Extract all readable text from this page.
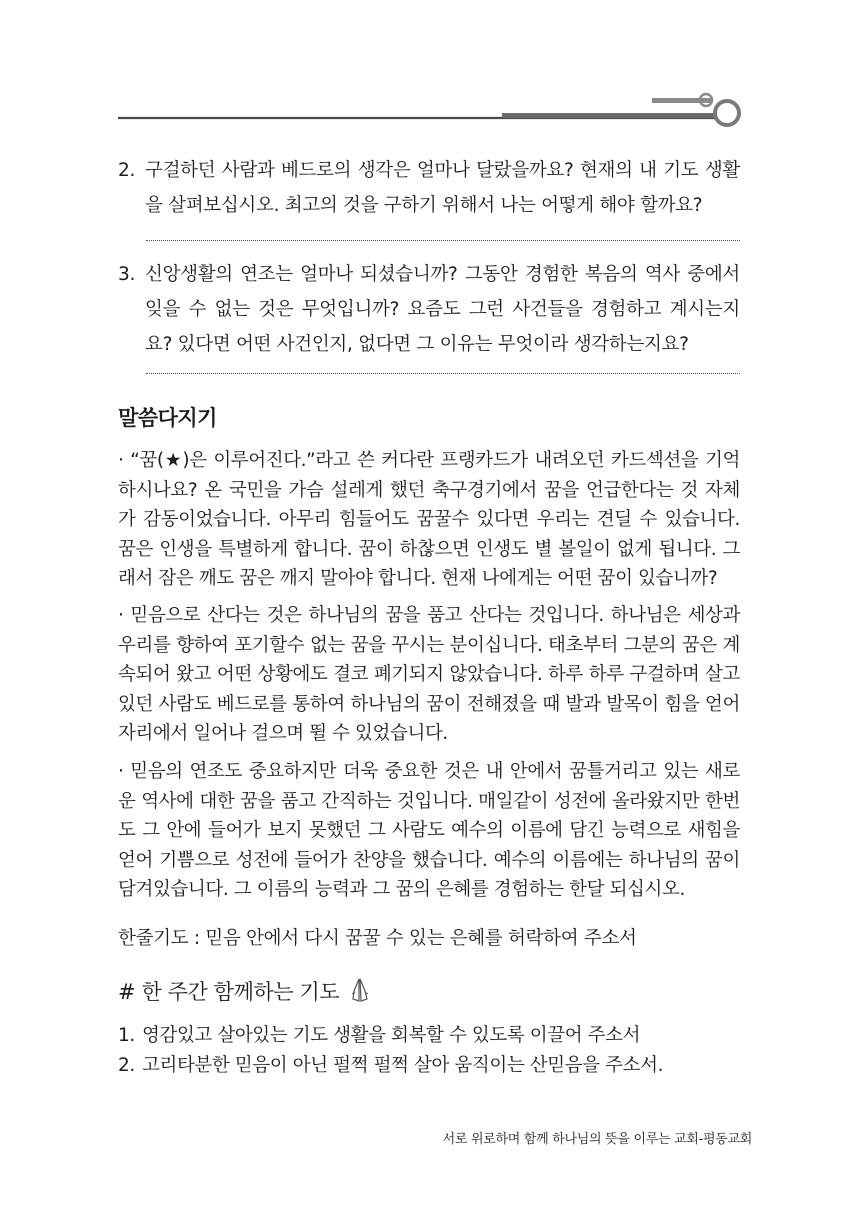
2. 구걸하던 사람과 베드로의 생각은 얼마나 달랐을까요? 현재의 내 기도 생활을 살펴보십시오. 최고의 것을 구하기 위해서 나는 어떻게 해야 할까요?
3. 신앙생활의 연조는 얼마나 되셨습니까? 그동안 경험한 복음의 역사 중에서 잊을 수 없는 것은 무엇입니까? 요즘도 그런 사건들을 경험하고 계시는지요? 있다면 어떤 사건인지, 없다면 그 이유는 무엇이라 생각하는지요?
말씀다지기
· “꿈(★)은 이루어진다.”라고 쓴 커다란 프랭카드가 내려오던 카드섹션을 기억하시나요? 온 국민을 가슴 설레게 했던 축구경기에서 꿈을 언급한다는 것 자체가 감동이었습니다. 아무리 힘들어도 꿈꿀수 있다면 우리는 견딜 수 있습니다. 꿈은 인생을 특별하게 합니다. 꿈이 하찮으면 인생도 별 볼일이 없게 됩니다. 그래서 잠은 깨도 꿈은 깨지 말아야 합니다. 현재 나에게는 어떤 꿈이 있습니까?
· 믿음으로 산다는 것은 하나님의 꿈을 품고 산다는 것입니다. 하나님은 세상과 우리를 향하여 포기할수 없는 꿈을 꾸시는 분이십니다. 태초부터 그분의 꿈은 계속되어 왔고 어떤 상황에도 결코 폐기되지 않았습니다. 하루 하루 구걸하며 살고 있던 사람도 베드로를 통하여 하나님의 꿈이 전해졌을 때 발과 발목이 힘을 얻어 자리에서 일어나 걸으며 뛸 수 있었습니다.
· 믿음의 연조도 중요하지만 더욱 중요한 것은 내 안에서 꿈틀거리고 있는 새로운 역사에 대한 꿈을 품고 간직하는 것입니다. 매일같이 성전에 올라왔지만 한번도 그 안에 들어가 보지 못했던 그 사람도 예수의 이름에 담긴 능력으로 새힘을 얻어 기쁨으로 성전에 들어가 찬양을 했습니다. 예수의 이름에는 하나님의 꿈이 담겨있습니다. 그 이름의 능력과 그 꿈의 은혜를 경험하는 한달 되십시오.
한줄기도 : 믿음 안에서 다시 꿈꿀 수 있는 은혜를 허락하여 주소서
# 한 주간 함께하는 기도
1. 영감있고 살아있는 기도 생활을 회복할 수 있도록 이끌어 주소서
2. 고리타분한 믿음이 아닌 펄쩍 펄쩍 살아 움직이는 산믿음을 주소서.
서로 위로하며 함께 하나님의 뜻을 이루는 교회-평동교회
